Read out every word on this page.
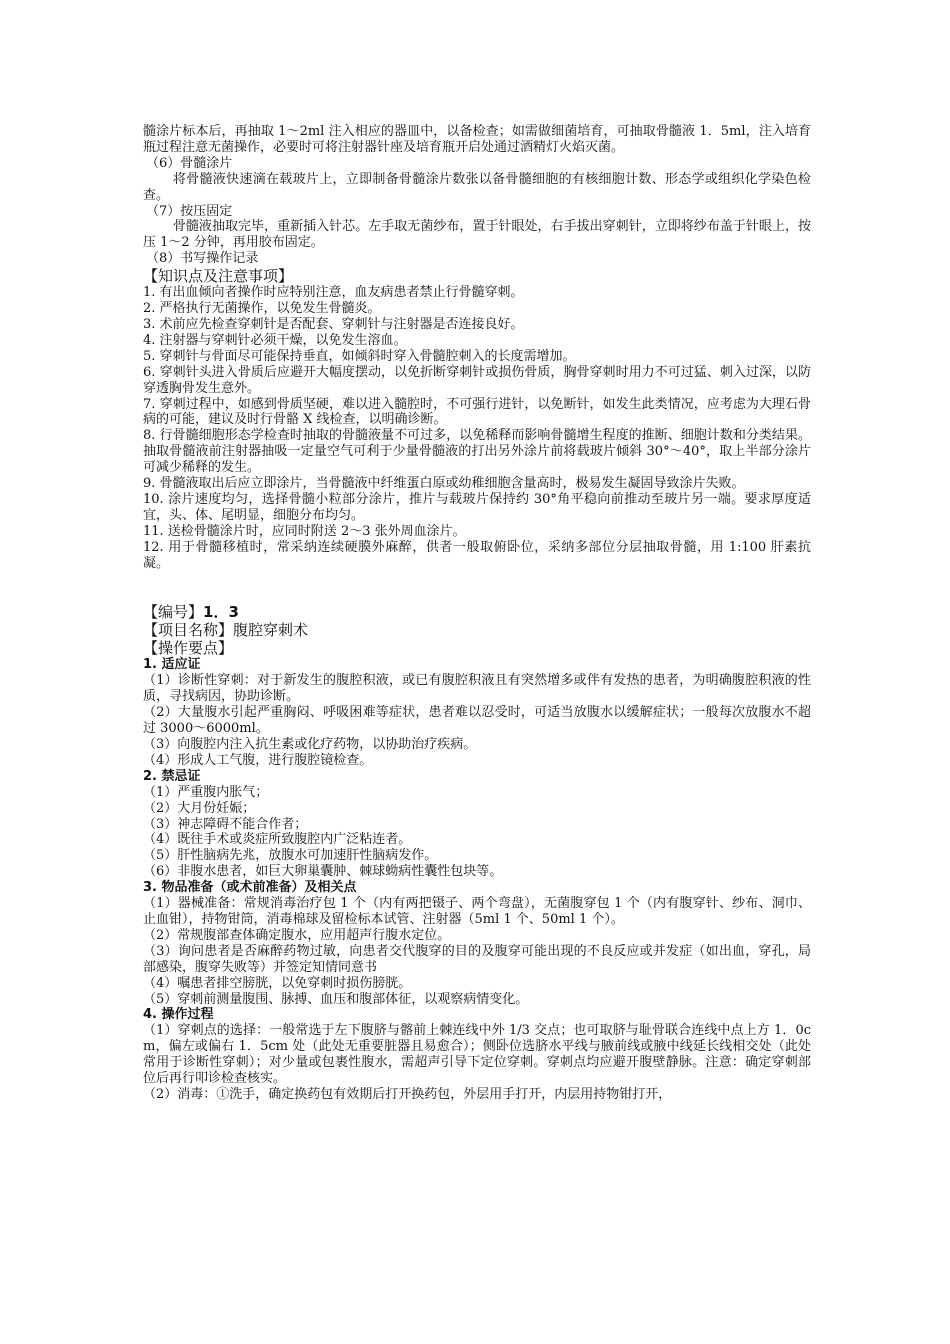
髓涂片标本后，再抽取 1～2ml 注入相应的器皿中，以备检查；如需做细菌培育，可抽取骨髓液 1．5ml，注入培育瓶过程注意无菌操作，必要时可将注射器针座及培育瓶开启处通过酒精灯火焰灭菌。

（6）骨髓涂片

将骨髓液快速滴在载玻片上，立即制备骨髓涂片数张以备骨髓细胞的有核细胞计数、形态学或组织化学染色检查。

（7）按压固定

骨髓液抽取完毕，重新插入针芯。左手取无菌纱布，置于针眼处，右手拔出穿刺针，立即将纱布盖于针眼上，按压 1～2 分钟，再用胶布固定。

（8）书写操作记录

【知识点及注意事项】

1. 有出血倾向者操作时应特别注意，血友病患者禁止行骨髓穿刺。

2. 严格执行无菌操作，以免发生骨髓炎。

3. 术前应先检查穿刺针是否配套、穿刺针与注射器是否连接良好。

4. 注射器与穿刺针必须干燥，以免发生溶血。

5. 穿刺针与骨面尽可能保持垂直，如倾斜时穿入骨髓腔刺入的长度需增加。

6. 穿刺针头进入骨质后应避开大幅度摆动，以免折断穿刺针或损伤骨质，胸骨穿刺时用力不可过猛、刺入过深，以防穿透胸骨发生意外。

7. 穿刺过程中，如感到骨质坚硬，难以进入髓腔时，不可强行进针，以免断针，如发生此类情况，应考虑为大理石骨病的可能，建议及时行骨骼 X 线检查，以明确诊断。

8. 行骨髓细胞形态学检查时抽取的骨髓液量不可过多，以免稀释而影响骨髓增生程度的推断、细胞计数和分类结果。抽取骨髓液前注射器抽吸一定量空气可利于少量骨髓液的打出另外涂片前将载玻片倾斜 30°～40°，取上半部分涂片可减少稀释的发生。

9. 骨髓液取出后应立即涂片，当骨髓液中纤维蛋白原或幼稚细胞含量高时，极易发生凝固导致涂片失败。

10. 涂片速度均匀，选择骨髓小粒部分涂片，推片与载玻片保持约 30°角平稳向前推动至玻片另一端。要求厚度适宜，头、体、尾明显，细胞分布均匀。

11. 送检骨髓涂片时，应同时附送 2～3 张外周血涂片。

12. 用于骨髓移植时，常采纳连续硬膜外麻醉，供者一般取俯卧位，采纳多部位分层抽取骨髓，用 1:100 肝素抗凝。

【编号】1．3

【项目名称】腹腔穿刺术

【操作要点】

1. 适应证

（1）诊断性穿刺：对于新发生的腹腔积液，或已有腹腔积液且有突然增多或伴有发热的患者，为明确腹腔积液的性质，寻找病因，协助诊断。

（2）大量腹水引起严重胸闷、呼吸困难等症状，患者难以忍受时，可适当放腹水以缓解症状；一般每次放腹水不超过 3000～6000ml。

（3）向腹腔内注入抗生素或化疗药物，以协助治疗疾病。

（4）形成人工气腹，进行腹腔镜检查。

2. 禁忌证

（1）严重腹内胀气；

（2）大月份妊娠；

（3）神志障碍不能合作者；

（4）既往手术或炎症所致腹腔内广泛粘连者。

（5）肝性脑病先兆，放腹水可加速肝性脑病发作。

（6）非腹水患者，如巨大卵巢囊肿、棘球蚴病性囊性包块等。

3. 物品准备（或术前准备）及相关点

（1）器械准备：常规消毒治疗包 1 个（内有两把镊子、两个弯盘），无菌腹穿包 1 个（内有腹穿针、纱布、洞巾、止血钳），持物钳筒，消毒棉球及留检标本试管、注射器（5ml 1 个、50ml 1 个）。

（2）常规腹部查体确定腹水，应用超声行腹水定位。

（3）询问患者是否麻醉药物过敏，向患者交代腹穿的目的及腹穿可能出现的不良反应或并发症（如出血，穿孔，局部感染，腹穿失败等）并签定知情同意书

（4）嘱患者排空膀胱，以免穿刺时损伤膀胱。

（5）穿刺前测量腹围、脉搏、血压和腹部体征，以观察病情变化。

4. 操作过程

（1）穿刺点的选择：一般常选于左下腹脐与髂前上棘连线中外 1/3 交点；也可取脐与耻骨联合连线中点上方 1．0cm，偏左或偏右 1．5cm 处（此处无重要脏器且易愈合）；侧卧位选脐水平线与腋前线或腋中线延长线相交处（此处常用于诊断性穿刺）；对少量或包裹性腹水，需超声引导下定位穿刺。穿刺点均应避开腹壁静脉。注意：确定穿刺部位后再行叩诊检查核实。

（2）消毒：①洗手，确定换药包有效期后打开换药包，外层用手打开，内层用持物钳打开，
